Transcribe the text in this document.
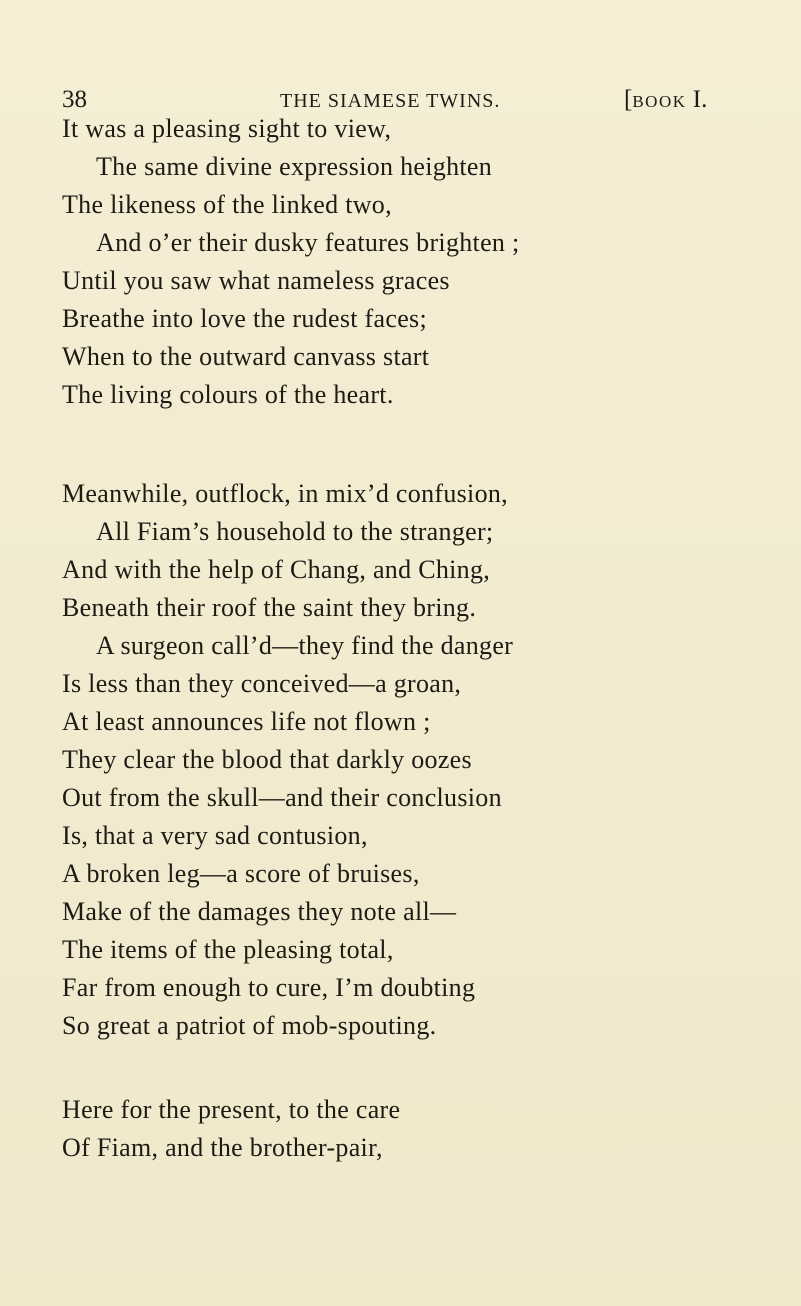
38	THE SIAMESE TWINS.	[BOOK I.
It was a pleasing sight to view,
The same divine expression heighten
The likeness of the linked two,
And o’er their dusky features brighten ;
Until you saw what nameless graces
Breathe into love the rudest faces;
When to the outward canvass start
The living colours of the heart.
Meanwhile, outflock, in mix’d confusion,
All Fiam’s household to the stranger;
And with the help of Chang, and Ching,
Beneath their roof the saint they bring.
A surgeon call’d—they find the danger
Is less than they conceived—a groan,
At least announces life not flown ;
They clear the blood that darkly oozes
Out from the skull—and their conclusion
Is, that a very sad contusion,
A broken leg—a score of bruises,
Make of the damages they note all—
The items of the pleasing total,
Far from enough to cure, I’m doubting
So great a patriot of mob-spouting.
Here for the present, to the care
Of Fiam, and the brother-pair,
